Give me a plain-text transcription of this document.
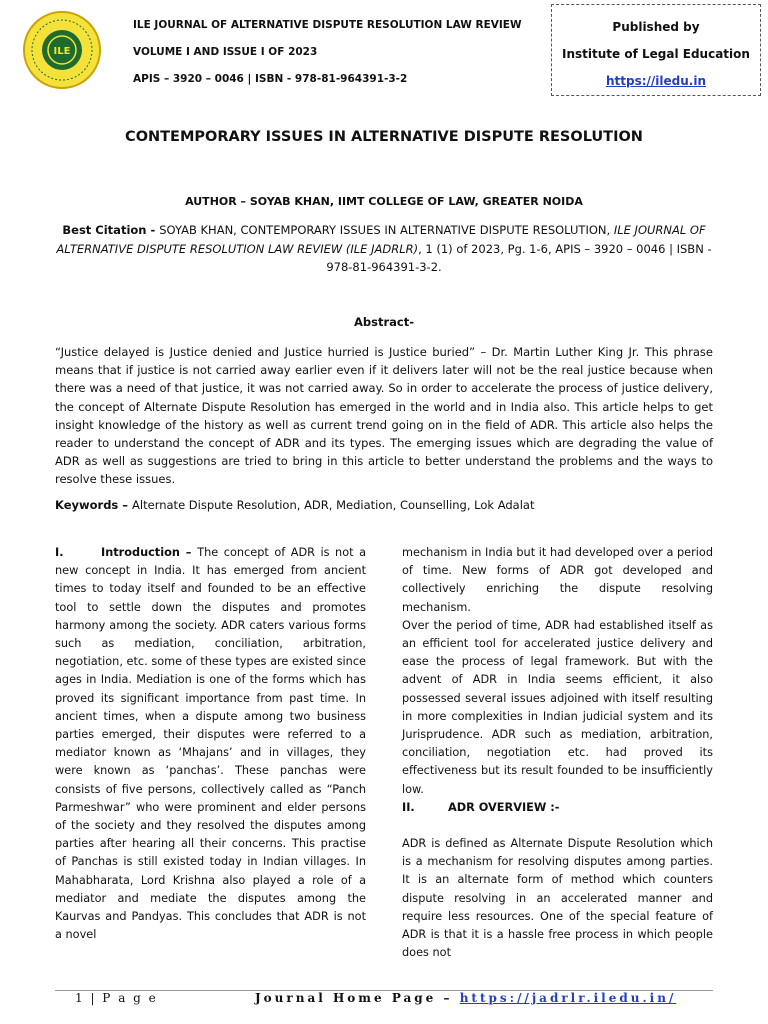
ILE
ILE JOURNAL OF ALTERNATIVE DISPUTE RESOLUTION LAW REVIEW
VOLUME I AND ISSUE I OF 2023
APIS – 3920 – 0046 | ISBN - 978-81-964391-3-2
Published by
Institute of Legal Education
https://iledu.in
CONTEMPORARY ISSUES IN ALTERNATIVE DISPUTE RESOLUTION
AUTHOR – SOYAB KHAN, IIMT COLLEGE OF LAW, GREATER NOIDA
Best Citation - SOYAB KHAN, CONTEMPORARY ISSUES IN ALTERNATIVE DISPUTE RESOLUTION, ILE JOURNAL OF ALTERNATIVE DISPUTE RESOLUTION LAW REVIEW (ILE JADRLR), 1 (1) of 2023, Pg. 1-6, APIS – 3920 – 0046 | ISBN - 978-81-964391-3-2.
Abstract-
“Justice delayed is Justice denied and Justice hurried is Justice buried” – Dr. Martin Luther King Jr. This phrase means that if justice is not carried away earlier even if it delivers later will not be the real justice because when there was a need of that justice, it was not carried away. So in order to accelerate the process of justice delivery, the concept of Alternate Dispute Resolution has emerged in the world and in India also. This article helps to get insight knowledge of the history as well as current trend going on in the field of ADR. This article also helps the reader to understand the concept of ADR and its types. The emerging issues which are degrading the value of ADR as well as suggestions are tried to bring in this article to better understand the problems and the ways to resolve these issues.
Keywords – Alternate Dispute Resolution, ADR, Mediation, Counselling, Lok Adalat

I.	Introduction – The concept of ADR is not a new concept in India. It has emerged from ancient times to today itself and founded to be an effective tool to settle down the disputes and promotes harmony among the society. ADR caters various forms such as mediation, conciliation, arbitration, negotiation, etc. some of these types are existed since ages in India. Mediation is one of the forms which has proved its significant importance from past time. In ancient times, when a dispute among two business parties emerged, their disputes were referred to a mediator known as ‘Mhajans’ and in villages, they were known as ‘panchas’. These panchas were consists of five persons, collectively called as “Panch Parmeshwar” who were prominent and elder persons of the society and they resolved the disputes among parties after hearing all their concerns. This practise of Panchas is still existed today in Indian villages. In Mahabharata, Lord Krishna also played a role of a mediator and mediate the disputes among the Kaurvas and Pandyas. This concludes that ADR is not a novel

mechanism in India but it had developed over a period of time. New forms of ADR got developed and collectively enriching the dispute resolving mechanism.

Over the period of time, ADR had established itself as an efficient tool for accelerated justice delivery and ease the process of legal framework. But with the advent of ADR in India seems efficient, it also possessed several issues adjoined with itself resulting in more complexities in Indian judicial system and its Jurisprudence. ADR such as mediation, arbitration, conciliation, negotiation etc. had proved its effectiveness but its result founded to be insufficiently low.

II.	ADR OVERVIEW :-

ADR is defined as Alternate Dispute Resolution which is a mechanism for resolving disputes among parties. It is an alternate form of method which counters dispute resolving in an accelerated manner and require less resources. One of the special feature of ADR is that it is a hassle free process in which people does not

1 | P a g e	Journal Home Page – https://jadrlr.iledu.in/
